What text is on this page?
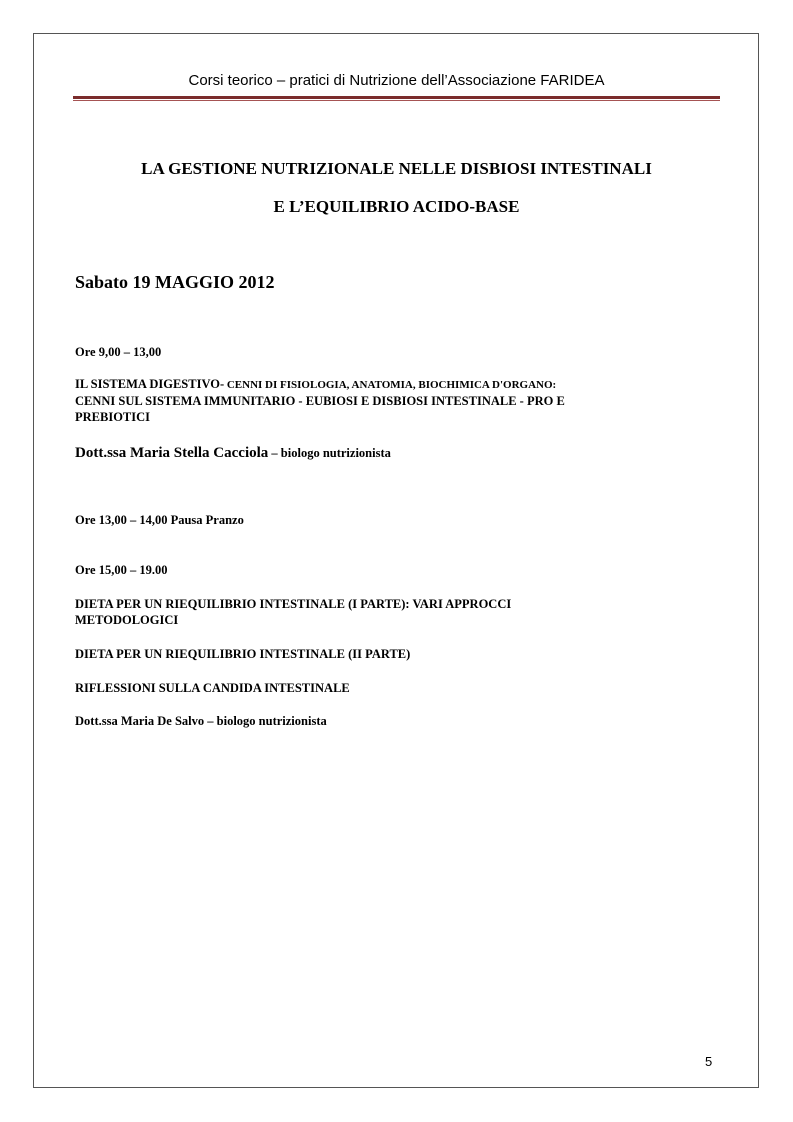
Corsi teorico – pratici di Nutrizione dell’Associazione FARIDEA
LA GESTIONE NUTRIZIONALE NELLE DISBIOSI INTESTINALI
E L’EQUILIBRIO ACIDO-BASE
Sabato 19 MAGGIO 2012
Ore 9,00 – 13,00
IL SISTEMA DIGESTIVO- CENNI DI FISIOLOGIA, ANATOMIA, BIOCHIMICA D'ORGANO:
CENNI SUL SISTEMA IMMUNITARIO - EUBIOSI E DISBIOSI INTESTINALE - PRO E
PREBIOTICI
Dott.ssa Maria Stella Cacciola – biologo nutrizionista
Ore 13,00 – 14,00 Pausa Pranzo
Ore 15,00 – 19.00
DIETA PER UN RIEQUILIBRIO INTESTINALE (I PARTE): VARI APPROCCI
METODOLOGICI
DIETA PER UN RIEQUILIBRIO INTESTINALE (II PARTE)
RIFLESSIONI SULLA CANDIDA INTESTINALE
Dott.ssa Maria De Salvo – biologo nutrizionista
5
